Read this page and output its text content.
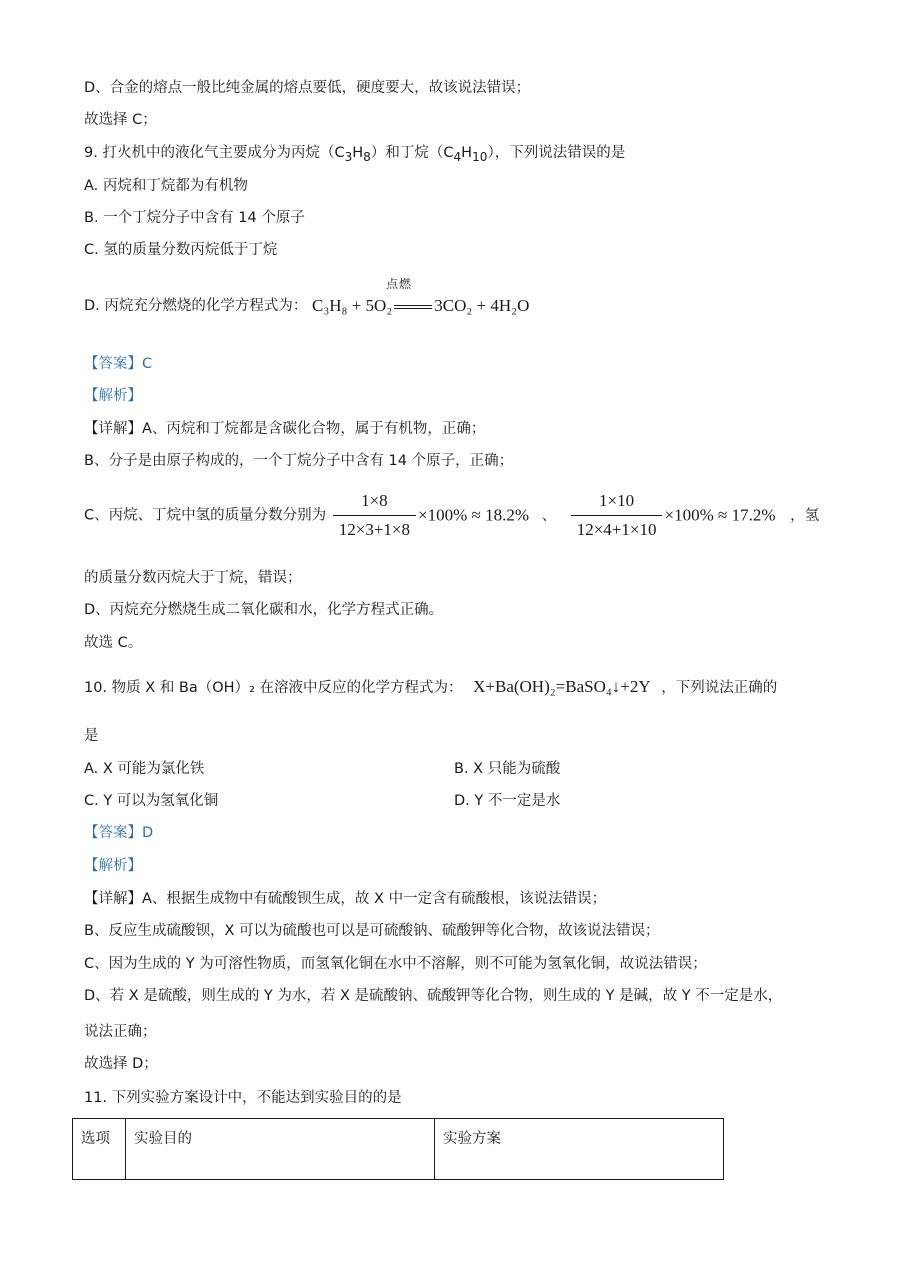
D、合金的熔点一般比纯金属的熔点要低，硬度要大，故该说法错误；
故选择 C；
9. 打火机中的液化气主要成分为丙烷$(C_3H_8)$和丁烷$(C_4H_{10})$，下列说法错误的是
A. 丙烷和丁烷都为有机物
B. 一个丁烷分子中含有 14 个原子
C. 氢的质量分数丙烷低于丁烷
D. 丙烷充分燃烧的化学方程式为： C₃H₈ + 5O₂ 3CO₂ + 4H₂O
点燃
【答案】C
【解析】
【详解】A、丙烷和丁烷都是含碳化合物，属于有机物，正确；
B、分子是由原子构成的，一个丁烷分子中含有 14 个原子，正确；
C、丙烷、丁烷中氢的质量分数分别为 $\frac{1\times 8}{12\times 3+1\times 8} \times 100\% \approx 18.2\%$ 、 $\frac{1\times 10}{12\times 4+1\times 10} \times 100\% \approx 17.2\%$ ，氢
的质量分数丙烷大于丁烷，错误；
D、丙烷充分燃烧生成二氧化碳和水，化学方程式正确。
故选 C。
10. 物质 X 和 Ba（OH）₂ 在溶液中反应的化学方程式为： X+Ba(OH)₂=BaSO₄↓+2Y ，下列说法正确的
是
A. X 可能为氯化铁	B. X 只能为硫酸
C. Y 可以为氢氧化铜	D. Y 不一定是水
【答案】D
【解析】
【详解】A、根据生成物中有硫酸钡生成，故 X 中一定含有硫酸根，该说法错误；
B、反应生成硫酸钡，X 可以为硫酸也可以是可硫酸钠、硫酸钾等化合物，故该说法错误；
C、因为生成的 Y 为可溶性物质，而氢氧化铜在水中不溶解，则不可能为氢氧化铜，故说法错误；
D、若 X 是硫酸，则生成的 Y 为水，若 X 是硫酸钠、硫酸钾等化合物，则生成的 Y 是碱，故 Y 不一定是水，
说法正确；
故选择 D；
11. 下列实验方案设计中，不能达到实验目的的是
选项	实验目的	实验方案
